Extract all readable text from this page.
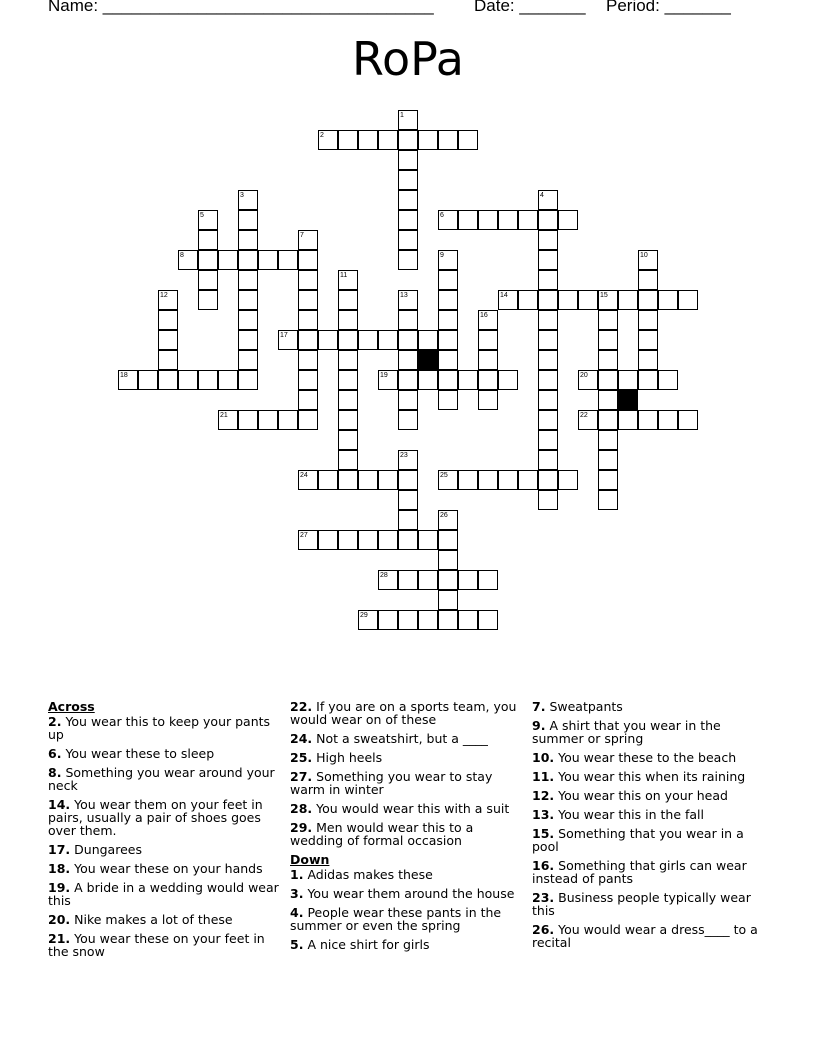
Name: ___________________________________ Date: _______ Period: _______
RoPa
1
2
3	4
5	6
7
8	9	10
11
12	13	14	15
16
17
18	19	20
21	22
23
24	25
26
27
28
29
Across
2. You wear this to keep your pants up
6. You wear these to sleep
8. Something you wear around your neck
14. You wear them on your feet in pairs, usually a pair of shoes goes over them.
17. Dungarees
18. You wear these on your hands
19. A bride in a wedding would wear this
20. Nike makes a lot of these
21. You wear these on your feet in the snow
22. If you are on a sports team, you would wear on of these
24. Not a sweatshirt, but a ____
25. High heels
27. Something you wear to stay warm in winter
28. You would wear this with a suit
29. Men would wear this to a wedding of formal occasion
Down
1. Adidas makes these
3. You wear them around the house
4. People wear these pants in the summer or even the spring
5. A nice shirt for girls
7. Sweatpants
9. A shirt that you wear in the summer or spring
10. You wear these to the beach
11. You wear this when its raining
12. You wear this on your head
13. You wear this in the fall
15. Something that you wear in a pool
16. Something that girls can wear instead of pants
23. Business people typically wear this
26. You would wear a dress____ to a recital
